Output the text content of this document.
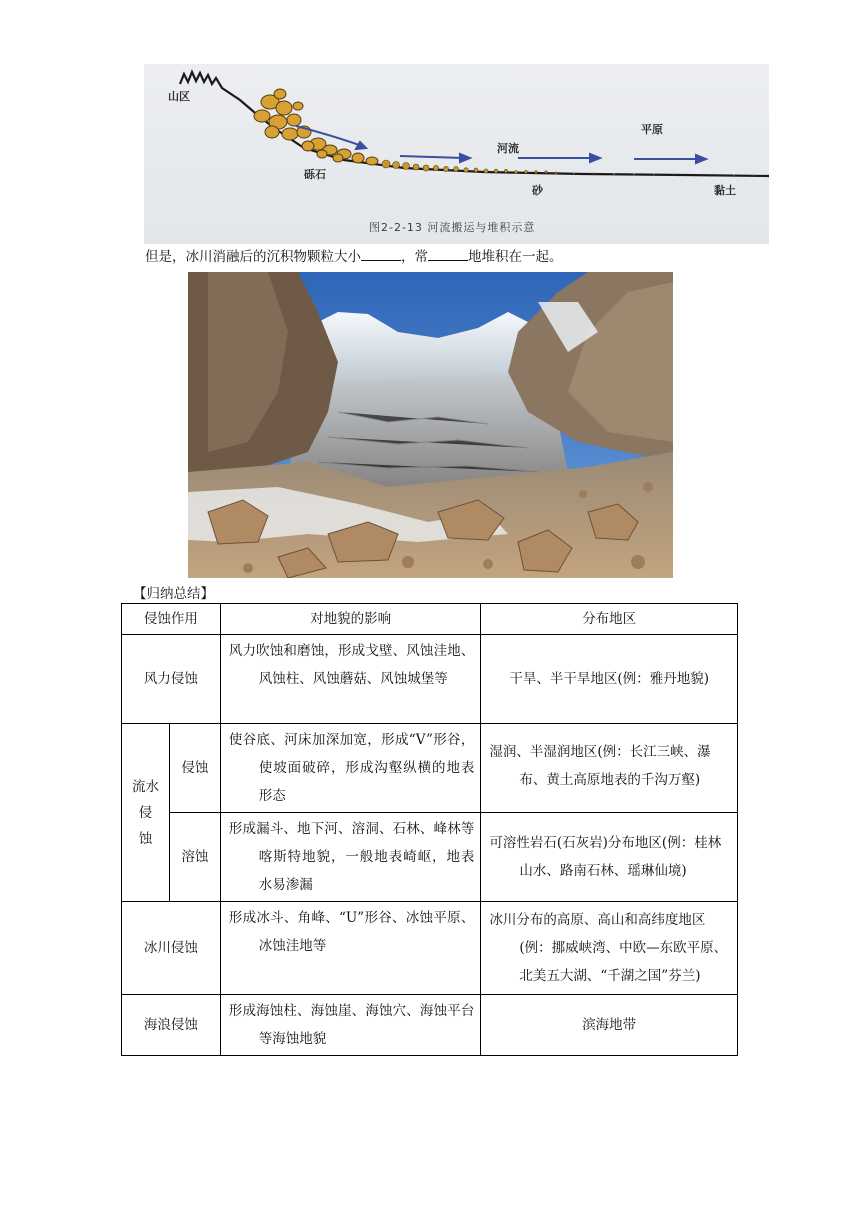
山区
砾石
河流
砂
平原
黏土
图2-2-13 河流搬运与堆积示意
但是，冰川消融后的沉积物颗粒大小	，常	地堆积在一起。
【归纳总结】
侵蚀作用		对地貌的影响	分布地区
风力侵蚀		风力吹蚀和磨蚀，形成戈壁、风蚀洼地、风蚀柱、风蚀蘑菇、风蚀城堡等	干旱、半干旱地区(例：雅丹地貌)

流水
侵
蚀	侵蚀	使谷底、河床加深加宽，形成“V”形谷，使坡面破碎，形成沟壑纵横的地表形态	湿润、半湿润地区(例：长江三峡、瀑布、黄土高原地表的千沟万壑)

	溶蚀	形成漏斗、地下河、溶洞、石林、峰林等喀斯特地貌，一般地表崎岖，地表水易渗漏	可溶性岩石(石灰岩)分布地区(例：桂林山水、路南石林、瑶琳仙境)

冰川侵蚀		形成冰斗、角峰、“U”形谷、冰蚀平原、冰蚀洼地等	冰川分布的高原、高山和高纬度地区(例：挪威峡湾、中欧—东欧平原、北美五大湖、“千湖之国”芬兰)

海浪侵蚀		形成海蚀柱、海蚀崖、海蚀穴、海蚀平台等海蚀地貌	滨海地带
